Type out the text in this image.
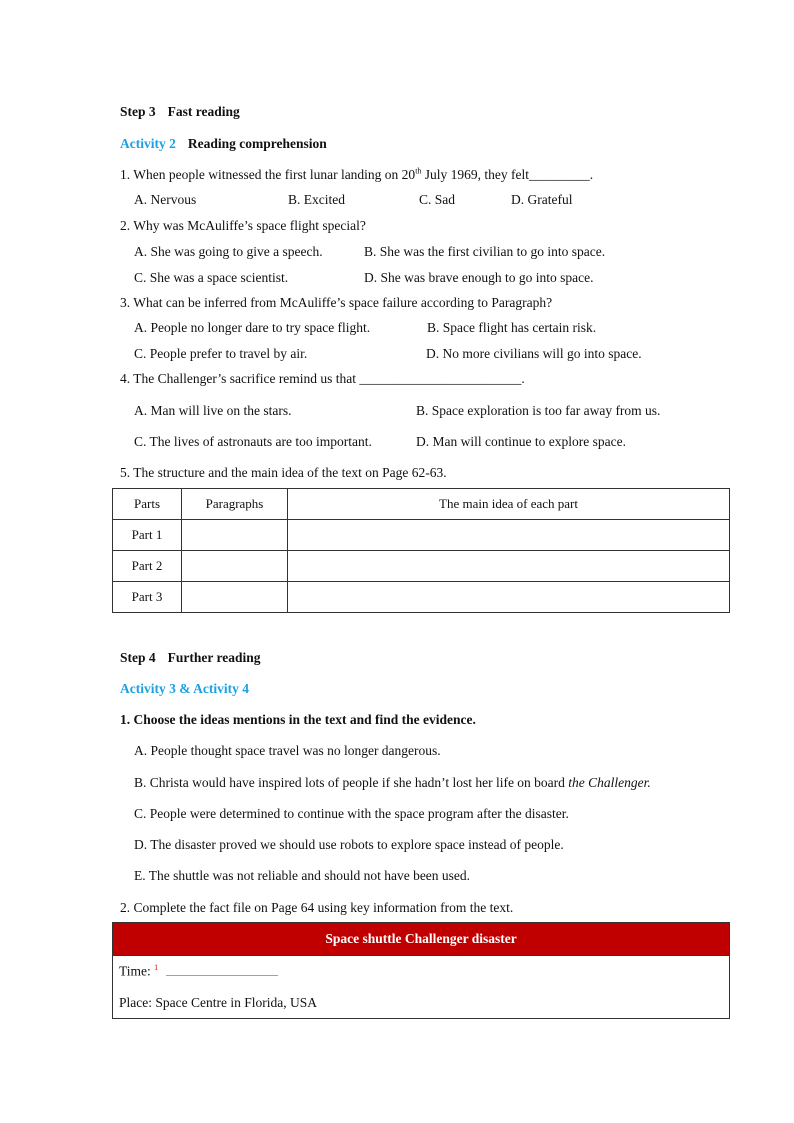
Step 3 Fast reading
Activity 2 Reading comprehension
1. When people witnessed the first lunar landing on 20th July 1969, they felt_________.
A. Nervous	B. Excited	C. Sad	D. Grateful
2. Why was McAuliffe’s space flight special?
A. She was going to give a speech.	B. She was the first civilian to go into space.
C. She was a space scientist.	D. She was brave enough to go into space.
3. What can be inferred from McAuliffe’s space failure according to Paragraph?
A. People no longer dare to try space flight.	B. Space flight has certain risk.
C. People prefer to travel by air.	D. No more civilians will go into space.
4. The Challenger’s sacrifice remind us that ________________________.
A. Man will live on the stars.	B. Space exploration is too far away from us.
C. The lives of astronauts are too important.	D. Man will continue to explore space.
5. The structure and the main idea of the text on Page 62-63.
Parts	Paragraphs	The main idea of each part
Part 1		
Part 2		
Part 3		
Step 4 Further reading
Activity 3 & Activity 4
1. Choose the ideas mentions in the text and find the evidence.
A. People thought space travel was no longer dangerous.
B. Christa would have inspired lots of people if she hadn’t lost her life on board the Challenger.
C. People were determined to continue with the space program after the disaster.
D. The disaster proved we should use robots to explore space instead of people.
E. The shuttle was not reliable and should not have been used.
2. Complete the fact file on Page 64 using key information from the text.
Space shuttle Challenger disaster
Time: $^1$
Place: Space Centre in Florida, USA
